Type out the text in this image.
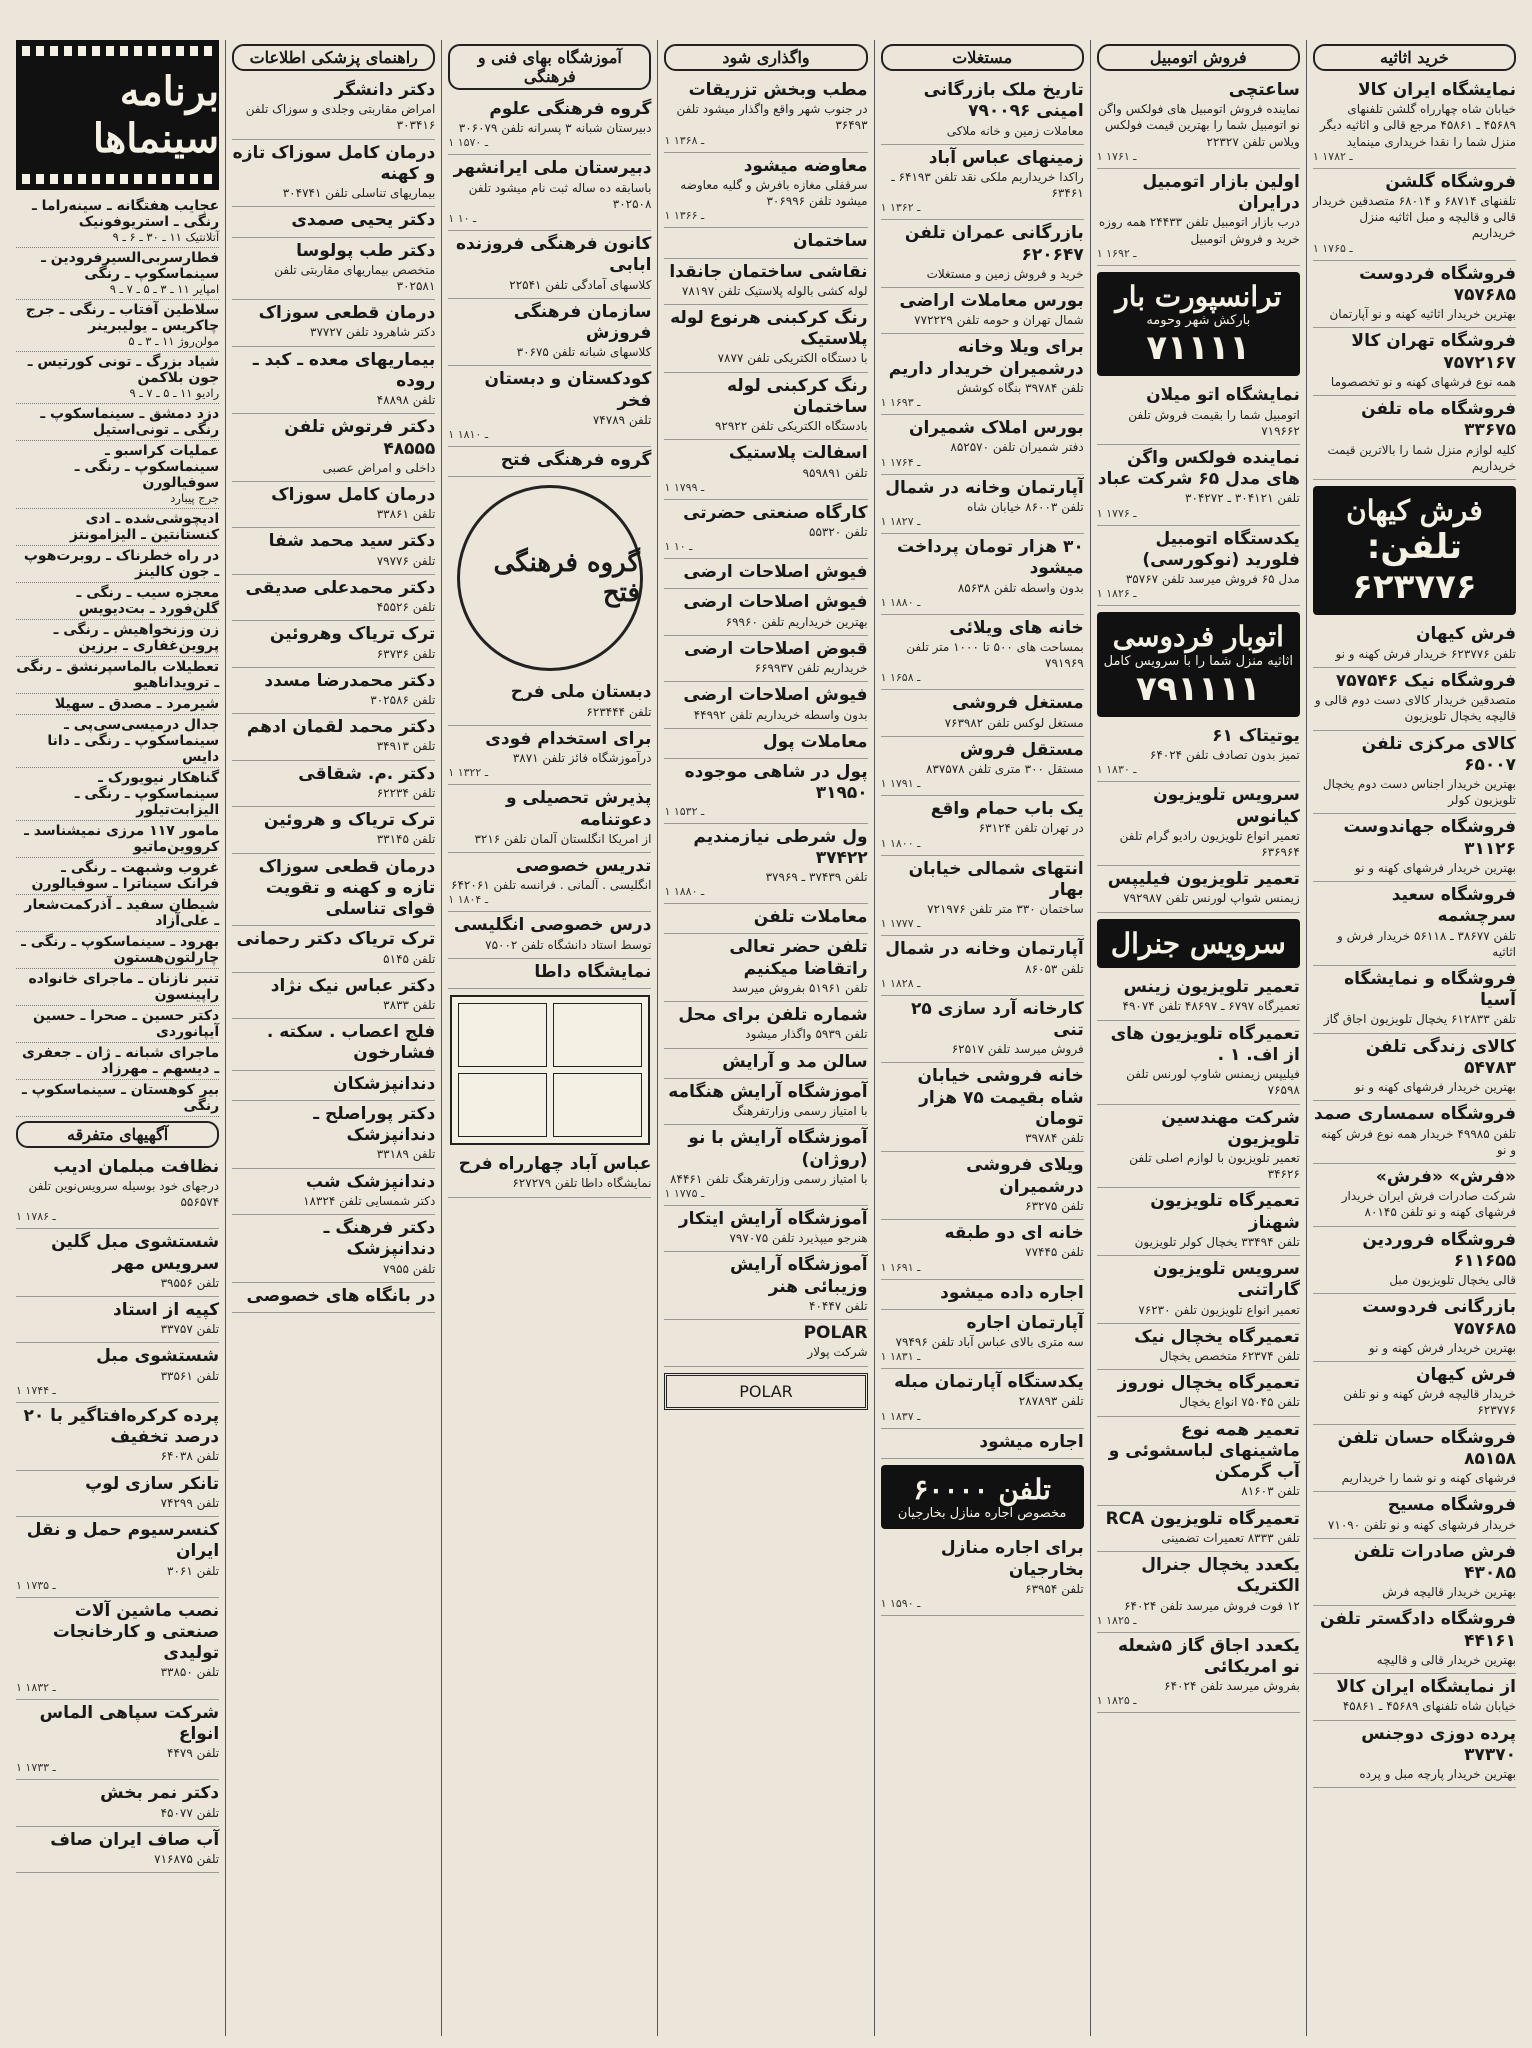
خرید اثاثیه
نمایشگاه ایران کالا
خیابان شاه چهارراه گلشن تلفنهای ۴۵۶۸۹ ـ ۴۵۸۶۱ مرجع قالی و اثاثیه دیگر منزل شما را نقدا خریداری مینماید
۱ ـ ۱۷۸۲
فروشگاه گلشن
تلفنهای ۶۸۷۱۴ و ۶۸۰۱۴ متصدقین خریدار قالی و قالیچه و مبل اثاثیه منزل خریداریم
۱ ـ ۱۷۶۵
فروشگاه فردوست ۷۵۷۶۸۵
بهترین خریدار اثاثیه کهنه و نو آپارتمان
فروشگاه تهران کالا ۷۵۷۲۱۶۷
همه نوع فرشهای کهنه و نو تخصصوما
فروشگاه ماه تلفن ۳۳۶۷۵
کلیه لوازم منزل شما را بالاترین قیمت خریداریم
فرش کیهان
تلفن: ۶۲۳۷۷۶
فرش کیهان
تلفن ۶۲۳۷۷۶ خریدار فرش کهنه و نو
فروشگاه نیک ۷۵۷۵۴۶
متصدقین خریدار کالای دست دوم قالی و قالیچه یخچال تلویزیون
کالای مرکزی تلفن ۶۵۰۰۷
بهترین خریدار اجناس دست دوم یخچال تلویزیون کولر
فروشگاه جهاندوست ۳۱۱۲۶
بهترین خریدار فرشهای کهنه و نو
فروشگاه سعید سرچشمه
تلفن ۳۸۶۷۷ ـ ۵۶۱۱۸ خریدار فرش و اثاثیه
فروشگاه و نمایشگاه آسیا
تلفن ۶۱۲۸۳۳ یخچال تلویزیون اجاق گاز
کالای زندگی تلفن ۵۴۷۸۳
بهترین خریدار فرشهای کهنه و نو
فروشگاه سمساری صمد
تلفن ۴۹۹۸۵ خریدار همه نوع فرش کهنه و نو
«فرش» «فرش»
شرکت صادرات فرش ایران خریدار فرشهای کهنه و نو تلفن ۸۰۱۴۵
فروشگاه فروردین ۶۱۱۶۵۵
قالی یخچال تلویزیون مبل
بازرگانی فردوست ۷۵۷۶۸۵
بهترین خریدار فرش کهنه و نو
فرش کیهان
خریدار قالیچه فرش کهنه و نو تلفن ۶۲۳۷۷۶
فروشگاه حسان تلفن ۸۵۱۵۸
فرشهای کهنه و نو شما را خریداریم
فروشگاه مسیح
خریدار فرشهای کهنه و نو تلفن ۷۱۰۹۰
فرش صادرات تلفن ۴۳۰۸۵
بهترین خریدار قالیچه فرش
فروشگاه دادگستر تلفن ۴۴۱۶۱
بهترین خریدار قالی و قالیچه
از نمایشگاه ایران کالا
خیابان شاه تلفنهای ۴۵۶۸۹ ـ ۴۵۸۶۱
پرده دوزی دوجنس ۳۷۳۷۰
بهترین خریدار پارچه مبل و پرده
فروش اتومبیل
ساعتچی
نماینده فروش اتومبیل های فولکس واگن نو اتومبیل شما را بهترین قیمت فولکس ویلاس تلفن ۲۲۳۲۷
۱ ـ ۱۷۶۱
اولین بازار اتومبیل درایران
درب بازار اتومبیل تلفن ۲۴۴۳۳ همه روزه خرید و فروش اتومبیل
۱ ـ ۱۶۹۲
ترانسپورت بار
بارکش شهر وحومه
۷۱۱۱۱
نمایشگاه اتو میلان
اتومبیل شما را بقیمت فروش تلفن ۷۱۹۶۶۲
نماینده فولکس واگن های مدل ۶۵ شرکت عباد
تلفن ۳۰۴۱۲۱ ـ ۳۰۴۲۷۲
۱ ـ ۱۷۷۶
یکدستگاه اتومبیل فلورید (نوکورسی)
مدل ۶۵ فروش میرسد تلفن ۳۵۷۶۷
۱ ـ ۱۸۲۶
اتوبار فردوسی
اثاثیه منزل شما را با سرویس کامل
۷۹۱۱۱۱
یوتیتاک ۶۱
تمیز بدون تصادف تلفن ۶۴۰۲۴
۱ ـ ۱۸۳۰
سرویس تلویزیون کیانوس
تعمیر انواع تلویزیون رادیو گرام تلفن ۶۳۶۹۶۴
تعمیر تلویزیون فیلیپس
زیمنس شواپ لورنس تلفن ۷۹۲۹۸۷
سرویس جنرال
تعمیر تلویزیون زینس
تعمیرگاه ۶۷۹۷ ـ ۴۸۶۹۷ تلفن ۴۹۰۷۴
تعمیرگاه تلویزیون های از اف. ۱ .
فیلیپس زیمنس شاوپ لورنس تلفن ۷۶۵۹۸
شرکت مهندسین تلویزیون
تعمیر تلویزیون با لوازم اصلی تلفن ۳۴۶۲۶
تعمیرگاه تلویزیون شهناز
تلفن ۳۳۴۹۴ یخچال کولر تلویزیون
سرویس تلویزیون گاراتنی
تعمیر انواع تلویزیون تلفن ۷۶۲۳۰
تعمیرگاه یخچال نیک
تلفن ۶۲۳۷۴ متخصص یخچال
تعمیرگاه یخچال نوروز
تلفن ۷۵۰۴۵ انواع یخچال
تعمیر همه نوع ماشینهای لباسشوئی و آب گرمکن
تلفن ۸۱۶۰۳
تعمیرگاه تلویزیون RCA
تلفن ۸۳۳۳ تعمیرات تضمینی
یکعدد یخچال جنرال الکتریک
۱۲ فوت فروش میرسد تلفن ۶۴۰۲۴
۱ ـ ۱۸۲۵
یکعدد اجاق گاز ۵شعله نو امریکائی
بفروش میرسد تلفن ۶۴۰۲۴
۱ ـ ۱۸۲۵
مستغلات
تاریخ ملک بازرگانی امینی ۷۹۰۰۹۶
معاملات زمین و خانه ملاکی
زمینهای عباس آباد
راکدا خریداریم ملکی نقد تلفن ۶۴۱۹۳ ـ ۶۳۴۶۱
۱ ـ ۱۳۶۲
بازرگانی عمران تلفن ۶۲۰۶۴۷
خرید و فروش زمین و مستغلات
بورس معاملات اراضی
شمال تهران و حومه تلفن ۷۷۲۲۲۹
برای ویلا وخانه درشمیران خریدار داریم
تلفن ۳۹۷۸۴ بنگاه کوشش
۱ ـ ۱۶۹۳
بورس املاک شمیران
دفتر شمیران تلفن ۸۵۲۵۷۰
۱ ـ ۱۷۶۴
آپارتمان وخانه در شمال
تلفن ۸۶۰۰۳ خیابان شاه
۱ ـ ۱۸۲۷
۳۰ هزار تومان پرداخت میشود
بدون واسطه تلفن ۸۵۶۳۸
۱ ـ ۱۸۸۰
خانه های ویلائی
بمساحت های ۵۰۰ تا ۱۰۰۰ متر تلفن ۷۹۱۹۶۹
۱ ـ ۱۶۵۸
مستغل فروشی
مستغل لوکس تلفن ۷۶۳۹۸۲
مستقل فروش
مستقل ۳۰۰ متری تلفن ۸۳۷۵۷۸
۱ ـ ۱۷۹۱
یک باب حمام واقع
در تهران تلفن ۶۳۱۲۴
۱ ـ ۱۸۰۰
انتهای شمالی خیابان بهار
ساختمان ۳۳۰ متر تلفن ۷۲۱۹۷۶
۱ ـ ۱۷۷۷
آپارتمان وخانه در شمال
تلفن ۸۶۰۵۳
۱ ـ ۱۸۲۸
کارخانه آرد سازی ۲۵ تنی
فروش میرسد تلفن ۶۲۵۱۷
خانه فروشی خیابان شاه بقیمت ۷۵ هزار تومان
تلفن ۳۹۷۸۴
ویلای فروشی درشمیران
تلفن ۶۳۲۷۵
خانه ای دو طبقه
تلفن ۷۷۴۴۵
۱ ـ ۱۶۹۱
اجاره داده میشود
آپارتمان اجاره
سه متری بالای عباس آباد تلفن ۷۹۴۹۶
۱ ـ ۱۸۳۱
یکدستگاه آپارتمان مبله
تلفن ۲۸۷۸۹۳
۱ ـ ۱۸۳۷
اجاره میشود
تلفن ۶۰۰۰۰
مخصوص اجاره منازل بخارجیان
برای اجاره منازل بخارجیان
تلفن ۶۳۹۵۴
۱ ـ ۱۵۹۰
واگذاری شود
مطب وبخش تزریقات
در جنوب شهر واقع واگذار میشود تلفن ۳۶۴۹۳
۱ ـ ۱۳۶۸
معاوضه میشود
سرقفلی مغازه بافرش و گلیه معاوضه میشود تلفن ۳۰۶۹۹۶
۱ ـ ۱۳۶۶
ساختمان
نقاشی ساختمان جانقدا
لوله کشی بالوله پلاستیک تلفن ۷۸۱۹۷
رنگ کرکبنی هرنوع لوله پلاستیک
با دستگاه الکتریکی تلفن ۷۸۷۷
رنگ کرکبنی لوله ساختمان
بادستگاه الکتریکی تلفن ۹۲۹۲۲
اسفالت پلاستیک
تلفن ۹۵۹۸۹۱
۱ ـ ۱۷۹۹
کارگاه صنعتی حضرتی
تلفن ۵۵۳۲۰
۱ ـ ۱۰
فیوش اصلاحات ارضی
فیوش اصلاحات ارضی
بهترین خریداریم تلفن ۶۹۹۶۰
قبوض اصلاحات ارضی
خریداریم تلفن ۶۶۹۹۳۷
فیوش اصلاحات ارضی
بدون واسطه خریداریم تلفن ۴۴۹۹۲
معاملات پول
پول در شاهی موجوده ۳۱۹۵۰
۱ ـ ۱۵۳۲
ول شرطی نیازمندیم ۳۷۴۲۲
تلفن ۳۷۴۳۹ ـ ۳۷۹۶۹
۱ ـ ۱۸۸۰
معاملات تلفن
تلفن حضر تعالی راتقاضا میکنیم
تلفن ۵۱۹۶۱ بفروش میرسد
شماره تلفن برای محل
تلفن ۵۹۳۹ واگذار میشود
سالن مد و آرایش
آموزشگاه آرایش هنگامه
با امتیاز رسمی وزارتفرهنگ
آموزشگاه آرایش با نو (روژان)
با امتیاز رسمی وزارتفرهنگ تلفن ۸۴۴۶۱
۱ ـ ۱۷۷۵
آموزشگاه آرایش ایتکار
هنرجو میپذیرد تلفن ۷۹۷۰۷۵
آموزشگاه آرایش وزیبائی هنر
تلفن ۴۰۴۴۷
POLAR
شرکت پولار
POLAR
آموزشگاه بهای فنی و فرهنگی
گروه فرهنگی علوم
دبیرستان شبانه ۳ پسرانه تلفن ۳۰۶۰۷۹
۱ ـ ۱۵۷۰
دبیرستان ملی ایرانشهر
باسابقه ده ساله ثبت نام میشود تلفن ۳۰۲۵۰۸
۱ ـ ۱۰
کانون فرهنگی فروزنده ابابی
کلاسهای آمادگی تلفن ۲۲۵۴۱
سازمان فرهنگی فروزش
کلاسهای شبانه تلفن ۳۰۶۷۵
کودکستان و دبستان فخر
تلفن ۷۴۷۸۹
۱ ـ ۱۸۱۰
گروه فرهنگی فتح
گروه فرهنگی فتح
دبستان ملی فرح
تلفن ۶۲۳۴۴۴
برای استخدام فودی
درآموزشگاه فائز تلفن ۳۸۷۱
۱ ـ ۱۳۲۲
پذیرش تحصیلی و دعوتنامه
از امریکا انگلستان آلمان تلفن ۳۲۱۶
تدریس خصوصی
انگلیسی . آلمانی . فرانسه تلفن ۶۴۲۰۶۱
۱ ـ ۱۸۰۴
درس خصوصی انگلیسی
توسط استاد دانشگاه تلفن ۷۵۰۰۲
نمایشگاه داطا
عباس آباد چهارراه فرح
نمایشگاه داطا تلفن ۶۲۷۲۷۹
راهنمای پزشکی اطلاعات
دکتر دانشگر
امراض مقاربتی وجلدی و سوزاک تلفن ۳۰۳۴۱۶
درمان کامل سوزاک تازه و کهنه
بیماریهای تناسلی تلفن ۳۰۴۷۴۱
دکتر یحیی صمدی
دکتر طب پولوسا
متخصص بیماریهای مقاربتی تلفن ۳۰۲۵۸۱
درمان قطعی سوزاک
دکتر شاهرود تلفن ۳۷۷۲۷
بیماریهای معده ـ کبد ـ روده
تلفن ۴۸۸۹۸
دکتر فرتوش تلفن ۴۸۵۵۵
داخلی و امراض عصبی
درمان کامل سوزاک
تلفن ۳۳۸۶۱
دکتر سید محمد شفا
تلفن ۷۹۷۷۶
دکتر محمدعلی صدیقی
تلفن ۴۵۵۲۶
ترک تریاک وهروئین
تلفن ۶۳۷۳۶
دکتر محمدرضا مسدد
تلفن ۳۰۲۵۸۶
دکتر محمد لقمان ادهم
تلفن ۳۴۹۱۳
دکتر .م. شقاقی
تلفن ۶۲۲۳۴
ترک تریاک و هروئین
تلفن ۳۳۱۴۵
درمان قطعی سوزاک تازه و کهنه و تقویت قوای تناسلی
ترک تریاک دکتر رحمانی
تلفن ۵۱۴۵
دکتر عباس نیک نژاد
تلفن ۳۸۳۳
فلج اعصاب . سکته . فشارخون
دندانپزشکان
دکتر پوراصلح ـ دندانپزشک
تلفن ۳۳۱۸۹
دندانپزشک شب
دکتر شمسایی تلفن ۱۸۳۲۴
دکتر فرهنگ ـ دندانپزشک
تلفن ۷۹۵۵
در بانگاه های خصوصی
برنامه سینماها
عجایب هفتگانه ـ سینه‌راما ـ رنگی ـ استریوفونیک
آتلانتیک ۱۱ ـ ۳۰ ـ ۶ ـ ۹
فطارسربی‌السیرفرودین ـ سینماسکوپ ـ رنگی
امپایر ۱۱ ـ ۳ ـ ۵ ـ ۷ ـ ۹
سلاطین آفتاب ـ رنگی ـ جرج چاکریس ـ یولیبرینر
مولن‌روژ ۱۱ ـ ۳ ـ ۵
شیاد بزرگ ـ تونی کورتیس ـ جون بلاکمن
رادیو ۱۱ ـ ۵ ـ ۷ ـ ۹
دزد دمشق ـ سینماسکوپ ـ رنگی ـ تونی‌استیل
عملیات کراسبو ـ سینماسکوپ ـ رنگی ـ سوفیالورن
جرج پیبارد
ادیچوشی‌شده ـ ادی کنستانتین ـ الیزامونتز
در راه خطرناک ـ روبرت‌هوپ ـ جون کالینز
معجزه سیب ـ رنگی ـ گلن‌فورد ـ بت‌دیویس
زن وزنخواهیش ـ رنگی ـ پروین‌غفاری ـ برزین
تعطیلات بالماسپرنشق ـ رنگی ـ ترویدانا‌هیو
شیرمرد ـ مصدق ـ سهیلا
جدال درمیسی‌سی‌پی ـ سینماسکوپ ـ رنگی ـ دانا دایس
گناهکار نیویورک ـ سینماسکوپ ـ رنگی ـ الیزابت‌تیلور
مامور ۱۱۷ مرزی نمیشناسد ـ کرووین‌ماتیو
غروب وشبهت ـ رنگی ـ فرانک سیناترا ـ سوفیالورن
شیطان سفید ـ آذرکمت‌شعار ـ علی‌آزاد
بهرود ـ سینماسکوپ ـ رنگی ـ چارلتون‌هستون
تنبر نازنان ـ ماجرای خانواده راپینسون
دکتر حسین ـ صحرا ـ حسین آیپانوردی
ماجرای شبانه ـ ژان ـ جعفری ـ دیسهم ـ مهرزاد
بیر کوهستان ـ سینماسکوپ ـ رنگی
آگهیهای متفرقه
نظافت مبلمان ادیب
درجهای خود بوسیله سرویس‌نوین تلفن ۵۵۶۵۷۴
۱ ـ ۱۷۸۶
شستشوی مبل گلین سرویس مهر
تلفن ۳۹۵۵۶
کپیه از استاد
تلفن ۳۳۷۵۷
شستشوی مبل
تلفن ۳۳۵۶۱
۱ ـ ۱۷۴۴
پرده کرکره‌افتاگیر با ۲۰ درصد تخفیف
تلفن ۶۴۰۳۸
تانکر سازی لوپ
تلفن ۷۴۲۹۹
کنسرسیوم حمل و نقل ایران
تلفن ۳۰۶۱
۱ ـ ۱۷۳۵
نصب ماشین آلات صنعتی و کارخانجات تولیدی
تلفن ۳۳۸۵۰
۱ ـ ۱۸۳۲
شرکت سپاهی الماس انواع
تلفن ۴۴۷۹
۱ ـ ۱۷۳۳
دکتر نمر بخش
تلفن ۴۵۰۷۷
آب صاف ایران صاف
تلفن ۷۱۶۸۷۵
